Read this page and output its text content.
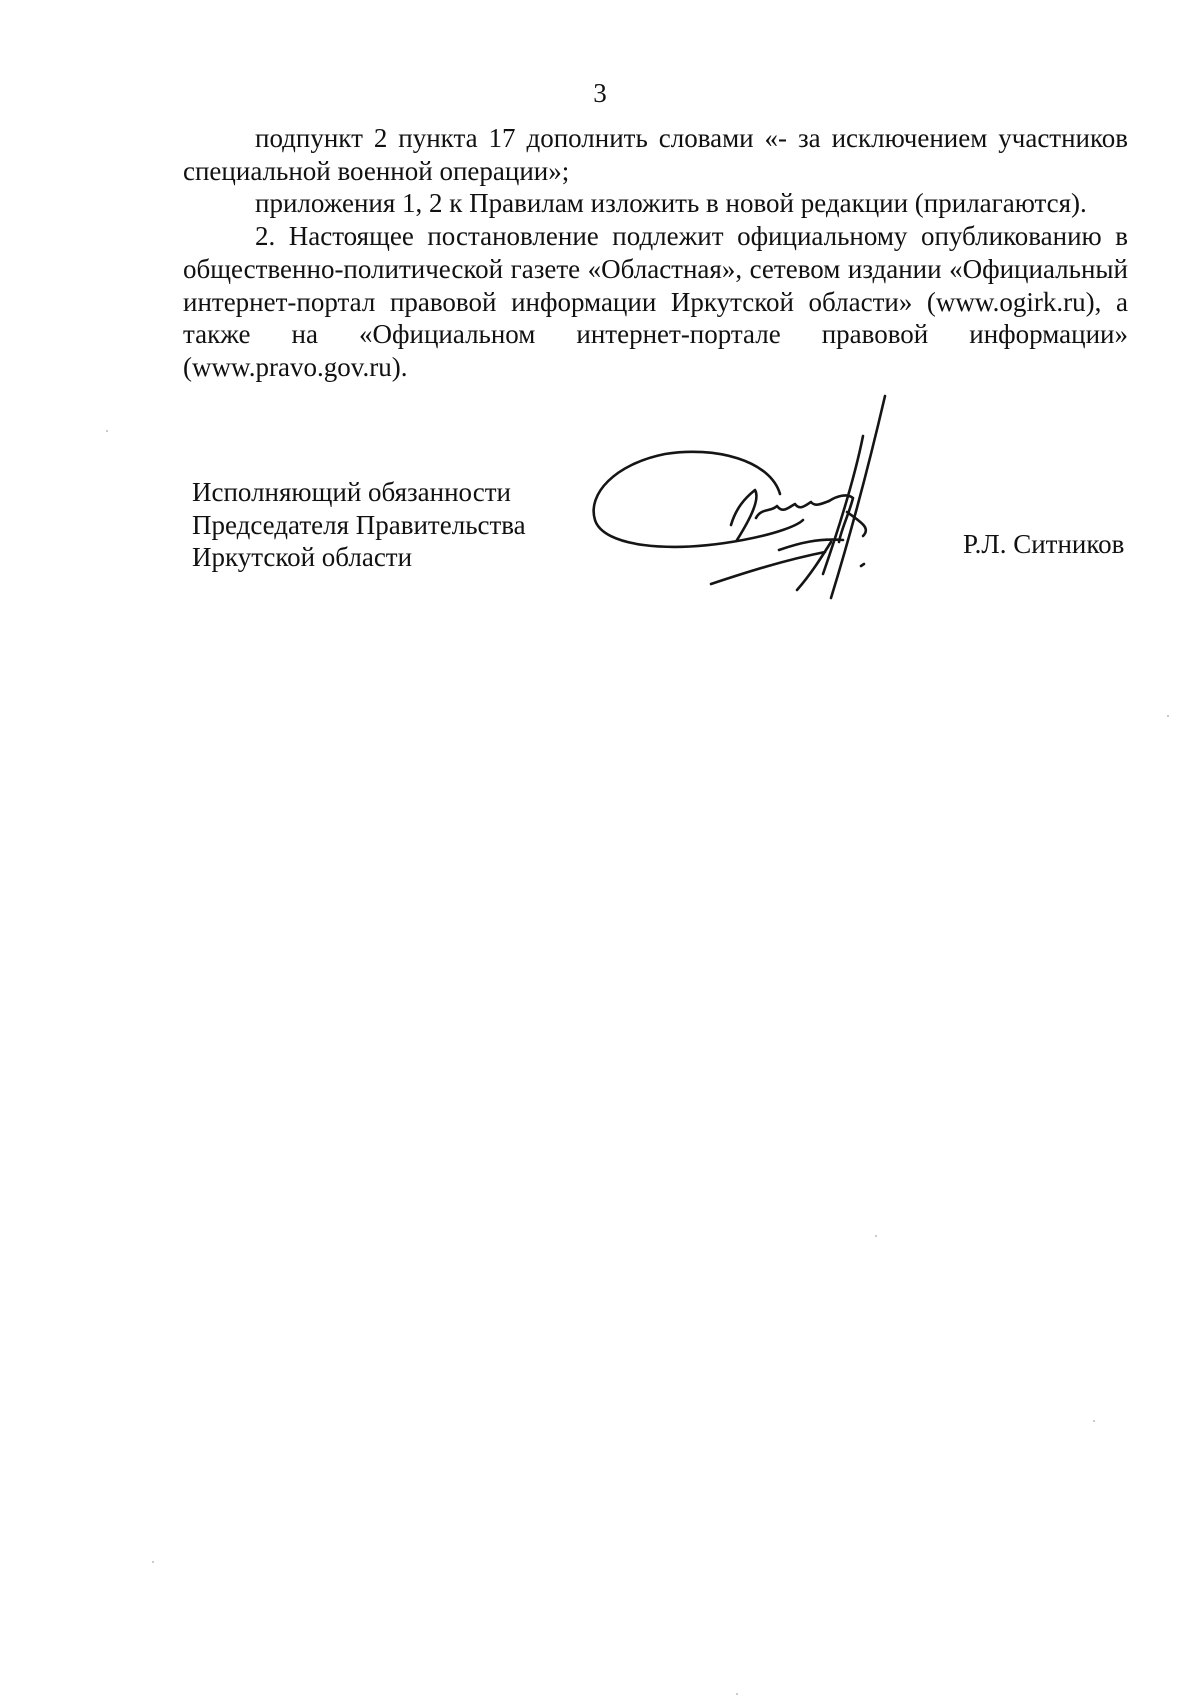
3

подпункт 2 пункта 17 дополнить словами «- за исключением участников специальной военной операции»;

приложения 1, 2 к Правилам изложить в новой редакции (прилагаются).

2. Настоящее постановление подлежит официальному опубликованию в общественно-политической газете «Областная», сетевом издании «Официальный интернет-портал правовой информации Иркутской области» (www.ogirk.ru), а также на «Официальном интернет-портале правовой информации» (www.pravo.gov.ru).

Исполняющий обязанности
Председателя Правительства
Иркутской области	Р.Л. Ситников
